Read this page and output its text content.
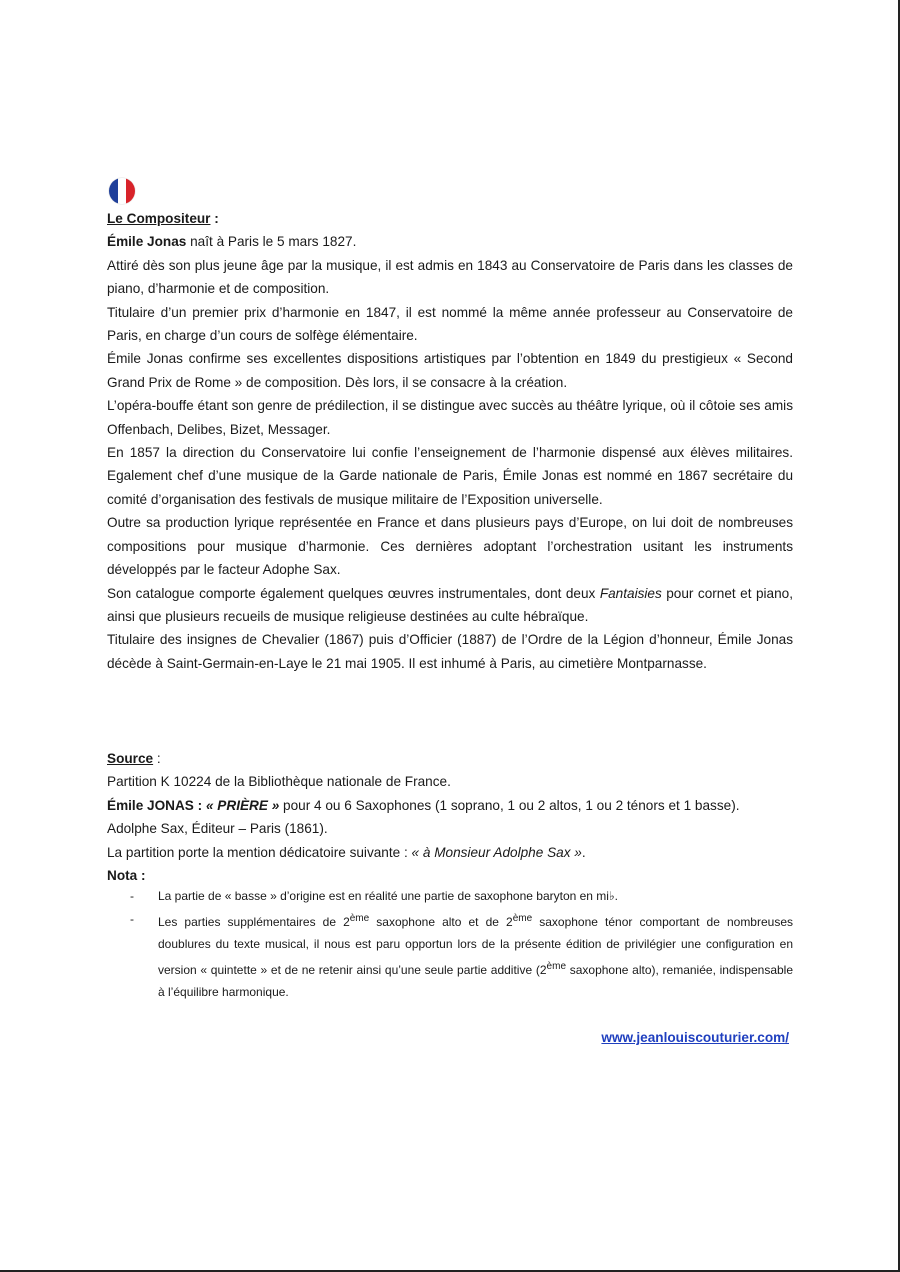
Le Compositeur :

Émile Jonas naît à Paris le 5 mars 1827.

Attiré dès son plus jeune âge par la musique, il est admis en 1843 au Conservatoire de Paris dans les classes de piano, d’harmonie et de composition.

Titulaire d’un premier prix d’harmonie en 1847, il est nommé la même année professeur au Conservatoire de Paris, en charge d’un cours de solfège élémentaire.

Émile Jonas confirme ses excellentes dispositions artistiques par l’obtention en 1849 du prestigieux « Second Grand Prix de Rome » de composition. Dès lors, il se consacre à la création.

L’opéra-bouffe étant son genre de prédilection, il se distingue avec succès au théâtre lyrique, où il côtoie ses amis Offenbach, Delibes, Bizet, Messager.

En 1857 la direction du Conservatoire lui confie l’enseignement de l’harmonie dispensé aux élèves militaires. Egalement chef d’une musique de la Garde nationale de Paris, Émile Jonas est nommé en 1867 secrétaire du comité d’organisation des festivals de musique militaire de l’Exposition universelle.

Outre sa production lyrique représentée en France et dans plusieurs pays d’Europe, on lui doit de nombreuses compositions pour musique d’harmonie. Ces dernières adoptant l’orchestration usitant les instruments développés par le facteur Adophe Sax.

Son catalogue comporte également quelques œuvres instrumentales, dont deux Fantaisies pour cornet et piano, ainsi que plusieurs recueils de musique religieuse destinées au culte hébraïque.

Titulaire des insignes de Chevalier (1867) puis d’Officier (1887) de l’Ordre de la Légion d’honneur, Émile Jonas décède à Saint-Germain-en-Laye le 21 mai 1905. Il est inhumé à Paris, au cimetière Montparnasse.

Source :

Partition K 10224 de la Bibliothèque nationale de France.

Émile JONAS : « PRIÈRE » pour 4 ou 6 Saxophones (1 soprano, 1 ou 2 altos, 1 ou 2 ténors et 1 basse).

Adolphe Sax, Éditeur – Paris (1861).

La partition porte la mention dédicatoire suivante : « à Monsieur Adolphe Sax ».

Nota :

-	La partie de « basse » d’origine est en réalité une partie de saxophone baryton en mi♭.
-	Les parties supplémentaires de 2ème saxophone alto et de 2ème saxophone ténor comportant de nombreuses doublures du texte musical, il nous est paru opportun lors de la présente édition de privilégier une configuration en version « quintette » et de ne retenir ainsi qu’une seule partie additive (2ème saxophone alto), remaniée, indispensable à l’équilibre harmonique.
www.jeanlouiscouturier.com/
